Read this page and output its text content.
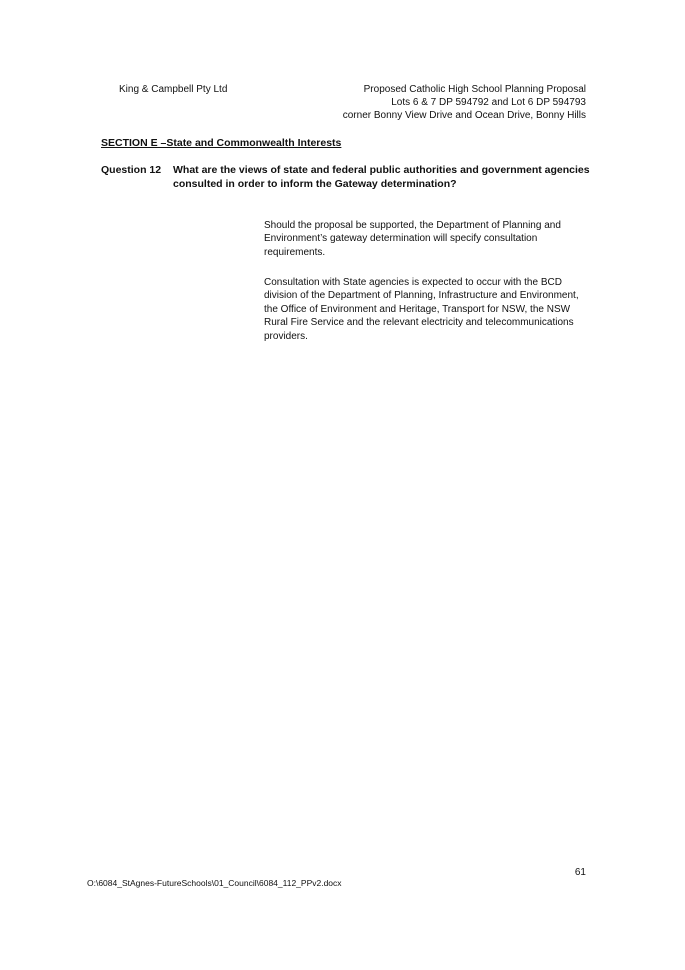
King & Campbell Pty Ltd	Proposed Catholic High School Planning Proposal
Lots 6 & 7 DP 594792 and Lot 6 DP 594793
corner Bonny View Drive and Ocean Drive, Bonny Hills
SECTION E –State and Commonwealth Interests
Question 12 What are the views of state and federal public authorities and government agencies consulted in order to inform the Gateway determination?
Should the proposal be supported, the Department of Planning and Environment’s gateway determination will specify consultation requirements.
Consultation with State agencies is expected to occur with the BCD division of the Department of Planning, Infrastructure and Environment, the Office of Environment and Heritage, Transport for NSW, the NSW Rural Fire Service and the relevant electricity and telecommunications providers.
61
O:\6084_StAgnes-FutureSchools\01_Council\6084_112_PPv2.docx
